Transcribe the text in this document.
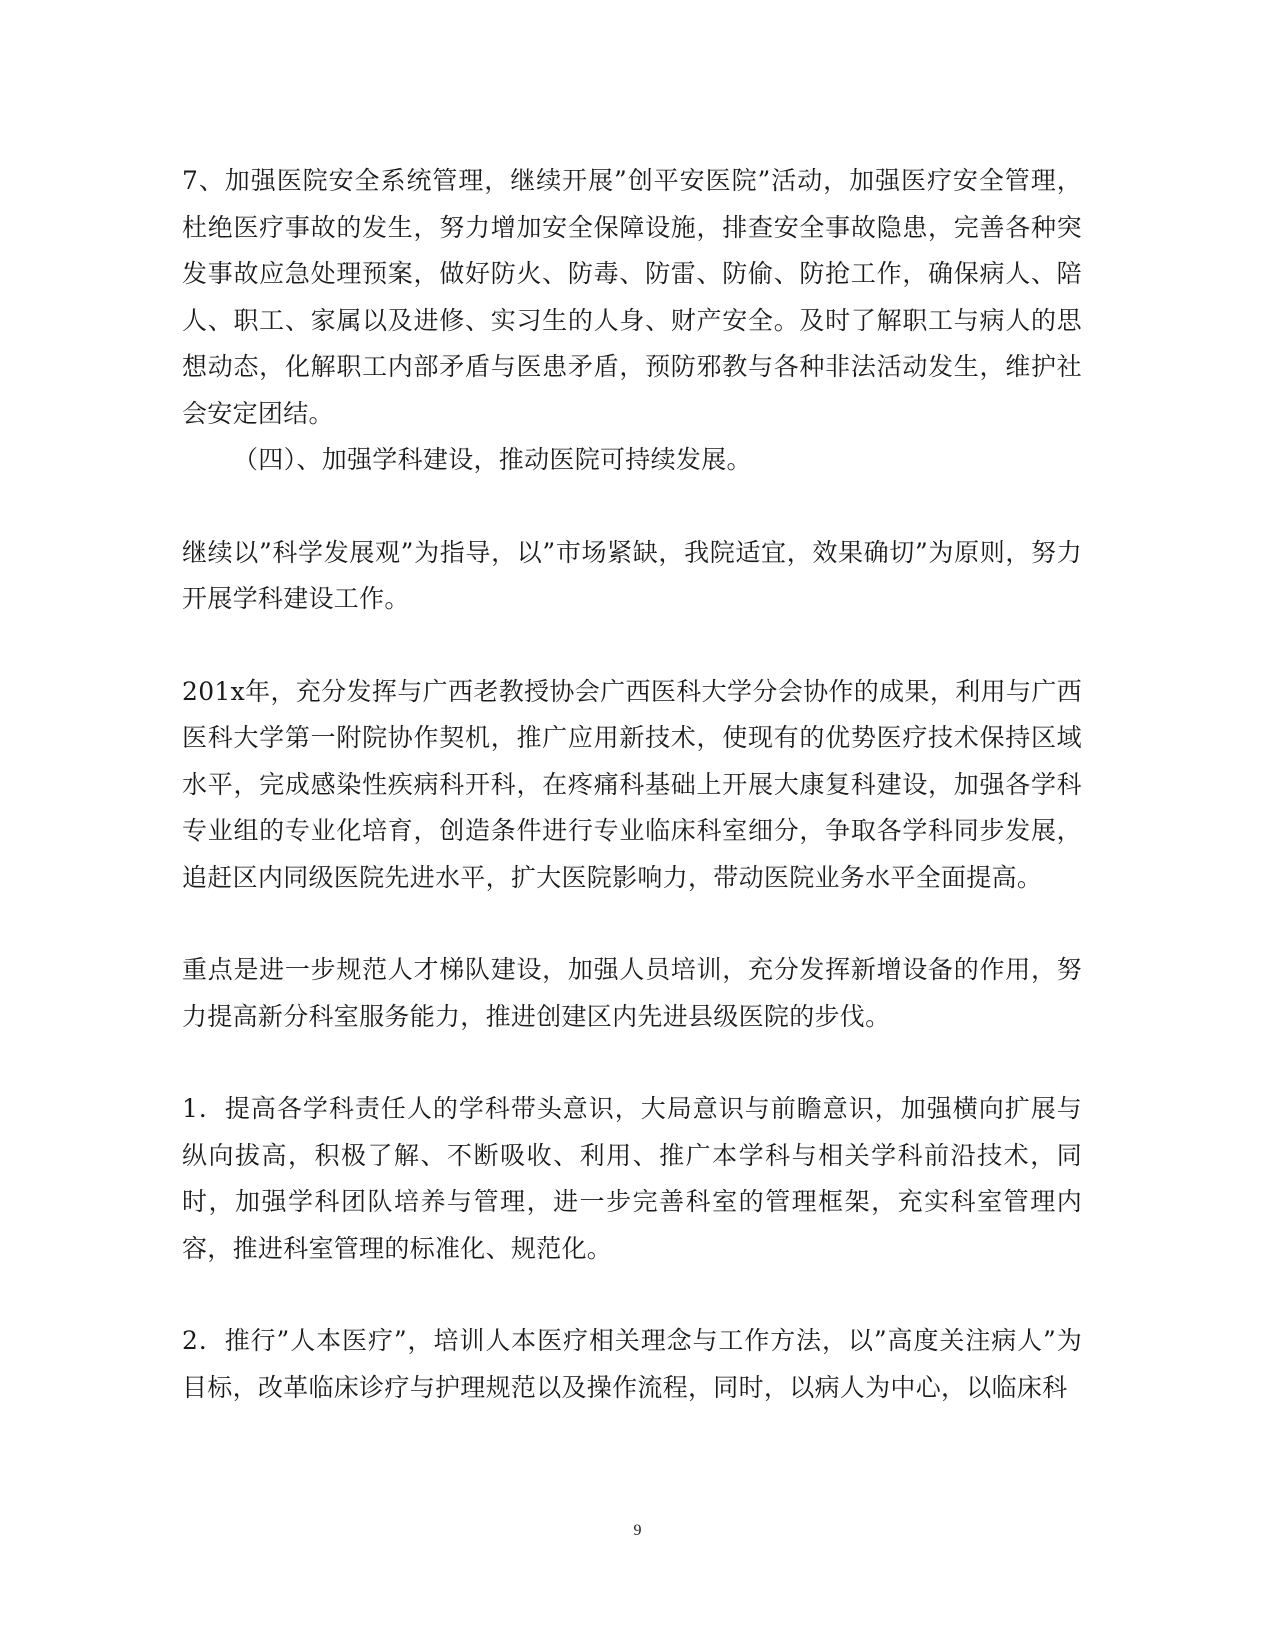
7、加强医院安全系统管理，继续开展”创平安医院”活动，加强医疗安全管理，杜绝医疗事故的发生，努力增加安全保障设施，排查安全事故隐患，完善各种突发事故应急处理预案，做好防火、防毒、防雷、防偷、防抢工作，确保病人、陪人、职工、家属以及进修、实习生的人身、财产安全。及时了解职工与病人的思想动态，化解职工内部矛盾与医患矛盾，预防邪教与各种非法活动发生，维护社会安定团结。

（四）、加强学科建设，推动医院可持续发展。

继续以”科学发展观”为指导，以”市场紧缺，我院适宜，效果确切”为原则，努力开展学科建设工作。

201x年，充分发挥与广西老教授协会广西医科大学分会协作的成果，利用与广西医科大学第一附院协作契机，推广应用新技术，使现有的优势医疗技术保持区域水平，完成感染性疾病科开科，在疼痛科基础上开展大康复科建设，加强各学科专业组的专业化培育，创造条件进行专业临床科室细分，争取各学科同步发展，追赶区内同级医院先进水平，扩大医院影响力，带动医院业务水平全面提高。

重点是进一步规范人才梯队建设，加强人员培训，充分发挥新增设备的作用，努力提高新分科室服务能力，推进创建区内先进县级医院的步伐。

1．提高各学科责任人的学科带头意识，大局意识与前瞻意识，加强横向扩展与纵向拔高，积极了解、不断吸收、利用、推广本学科与相关学科前沿技术，同时，加强学科团队培养与管理，进一步完善科室的管理框架，充实科室管理内容，推进科室管理的标准化、规范化。

2．推行”人本医疗”，培训人本医疗相关理念与工作方法，以”高度关注病人”为目标，改革临床诊疗与护理规范以及操作流程，同时，以病人为中心，以临床科

9
